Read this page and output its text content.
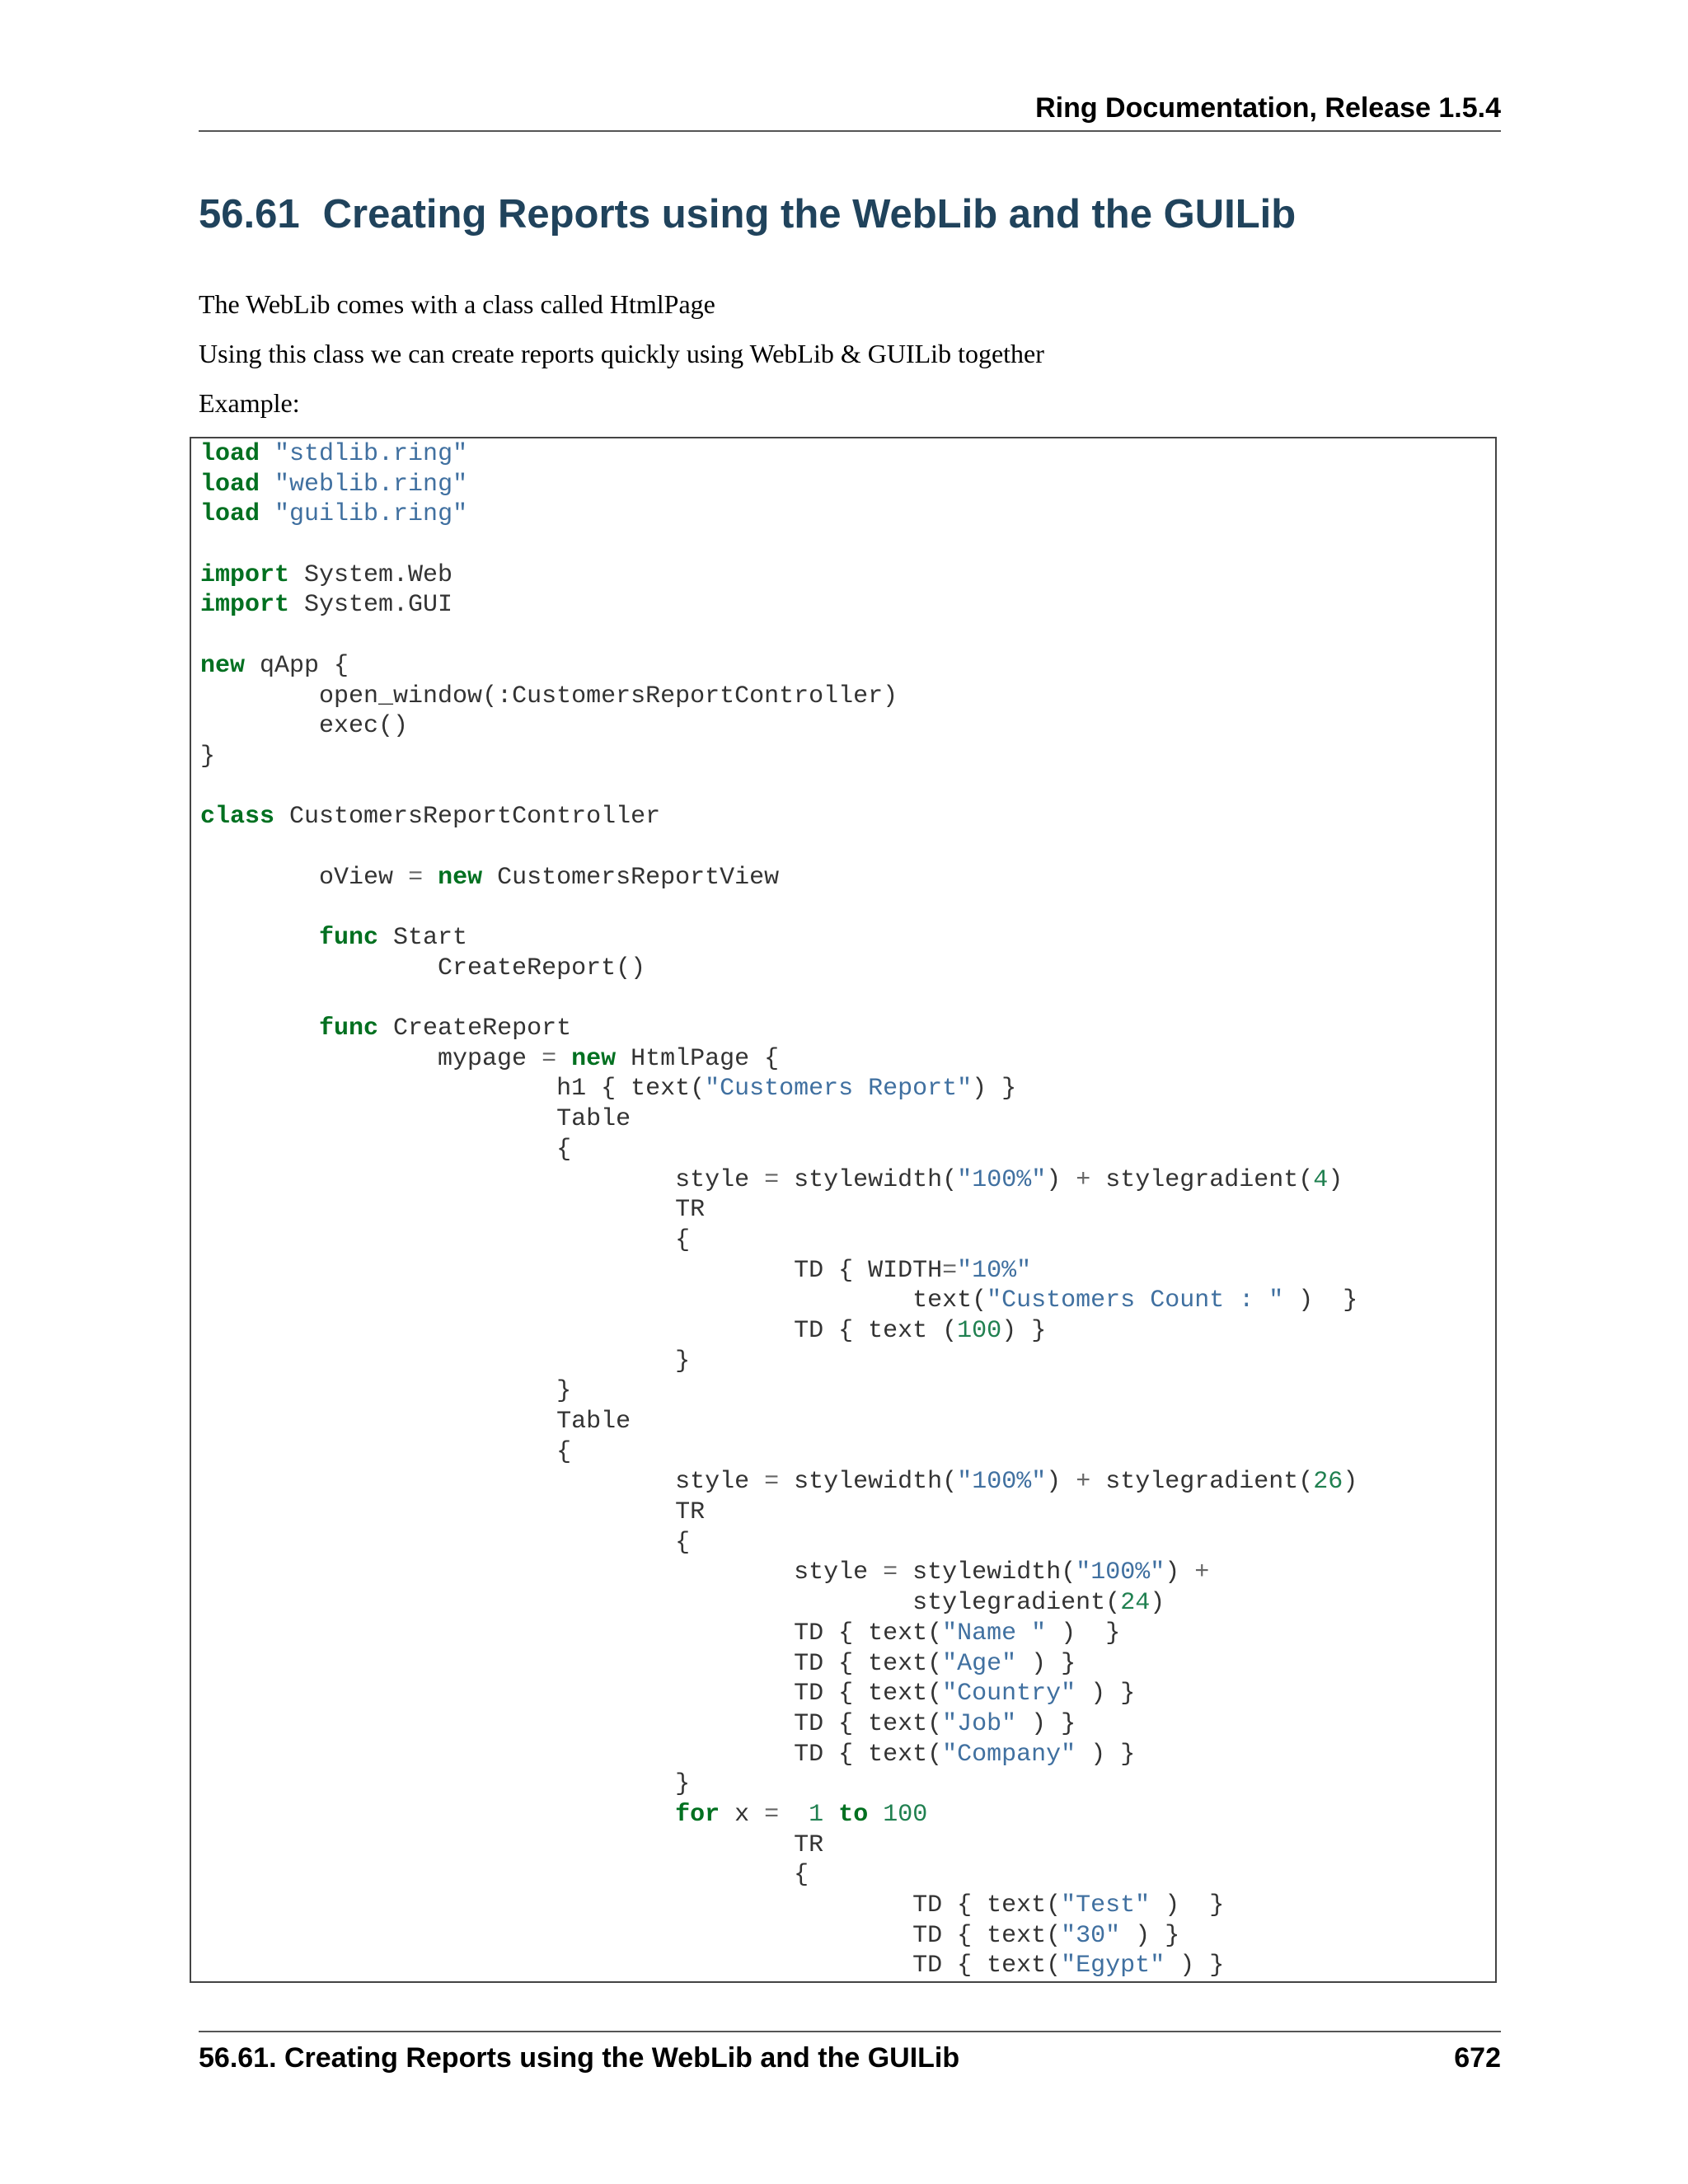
Ring Documentation, Release 1.5.4
56.61 Creating Reports using the WebLib and the GUILib

The WebLib comes with a class called HtmlPage

Using this class we can create reports quickly using WebLib & GUILib together

Example:

load "stdlib.ring"
load "weblib.ring"
load "guilib.ring"
import System.Web
import System.GUI
new qApp {
	open_window(:CustomersReportController)
	exec()
}
class CustomersReportController
	oView = new CustomersReportView
	func Start
		CreateReport()
	func CreateReport
		mypage = new HtmlPage {
			h1 { text("Customers Report") }
			Table
			{
				style = stylewidth("100%") + stylegradient(4)
				TR
				{
					TD { WIDTH="10%"
						text("Customers Count : " )  }
					TD { text (100) }
				}
			}
			Table
			{
				style = stylewidth("100%") + stylegradient(26)
				TR
				{
					style = stylewidth("100%") +
						stylegradient(24)
					TD { text("Name " )  }
					TD { text("Age" ) }
					TD { text("Country" ) }
					TD { text("Job" ) }
					TD { text("Company" ) }
				}
				for x = 1 to 100
					TR
					{
						TD { text("Test" )  }
						TD { text("30" ) }
						TD { text("Egypt" ) }
56.61. Creating Reports using the WebLib and the GUILib	672
